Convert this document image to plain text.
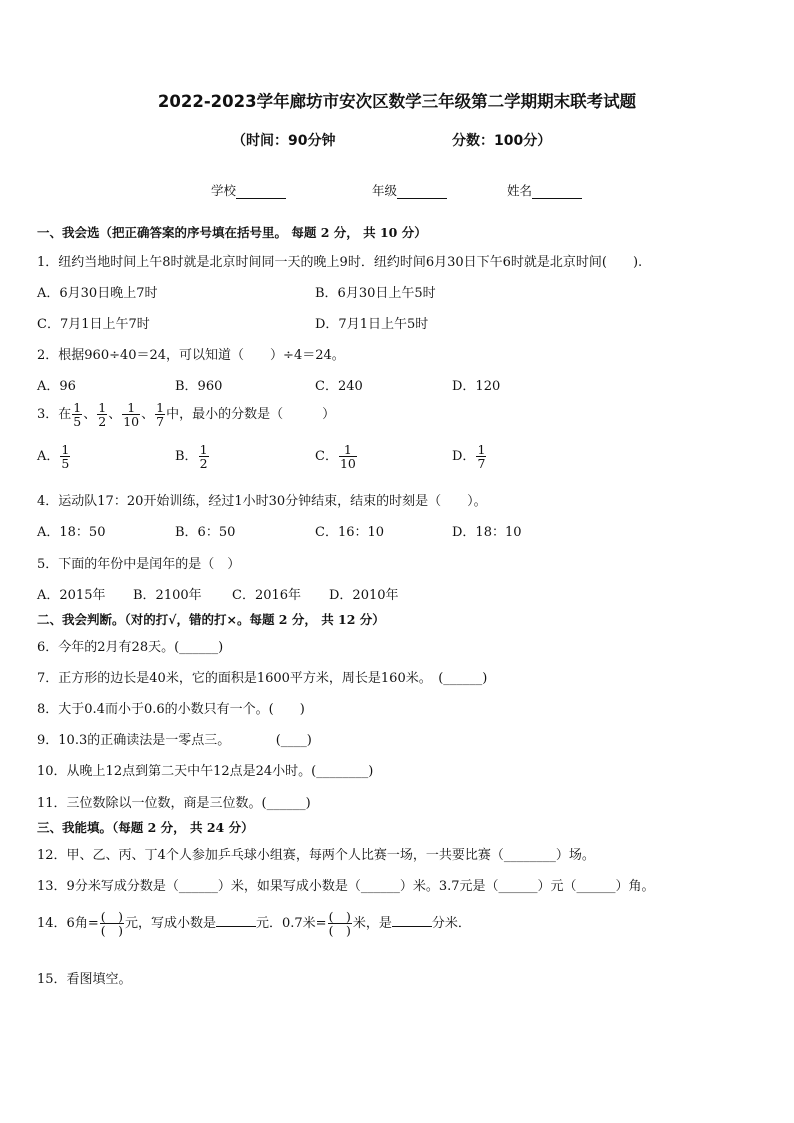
2022-2023学年廊坊市安次区数学三年级第二学期期末联考试题
（时间：90分钟	分数：100分）
学校	年级	姓名
一、我会选（把正确答案的序号填在括号里。 每题 2 分， 共 10 分）
1．纽约当地时间上午8时就是北京时间同一天的晚上9时．纽约时间6月30日下午6时就是北京时间(　　).
A．6月30日晚上7时	B．6月30日上午5时
C．7月1日上午7时	D．7月1日上午5时
2．根据960÷40＝24，可以知道（　　）÷4＝24。
A．96	B．960	C．240	D．120
3．在 $\frac{1}{5}$ 、 $\frac{1}{2}$ 、 $\frac{1}{10}$ 、 $\frac{1}{7}$ 中，最小的分数是（　　　）
A． $\frac{1}{5}$	B． $\frac{1}{2}$	C． $\frac{1}{10}$	D． $\frac{1}{7}$
4．运动队17：20开始训练，经过1小时30分钟结束，结束的时刻是（　　）。
A．18：50	B．6：50	C．16：10	D．18：10
5．下面的年份中是闰年的是（　）
A．2015年 B．2100年 C．2016年 D．2010年
二、我会判断。（对的打√，错的打×。每题 2 分， 共 12 分）
6．今年的2月有28天。(______)
7．正方形的边长是40米，它的面积是1600平方米，周长是160米。　(______)
8．大于0.4而小于0.6的小数只有一个。(　　)
9．10.3的正确读法是一零点三。　　　　(____)
10．从晚上12点到第二天中午12点是24小时。(________)
11．三位数除以一位数，商是三位数。(______)
三、我能填。（每题 2 分， 共 24 分）
12．甲、乙、丙、丁4个人参加乒乓球小组赛，每两个人比赛一场，一共要比赛（________）场。
13．9分米写成分数是（______）米，如果写成小数是（______）米。3.7元是（______）元（______）角。
14．6角= $\frac{( )}{( )}$ 元，写成小数是	元．0.7米= $\frac{( )}{( )}$ 米，是	分米．
15．看图填空。
